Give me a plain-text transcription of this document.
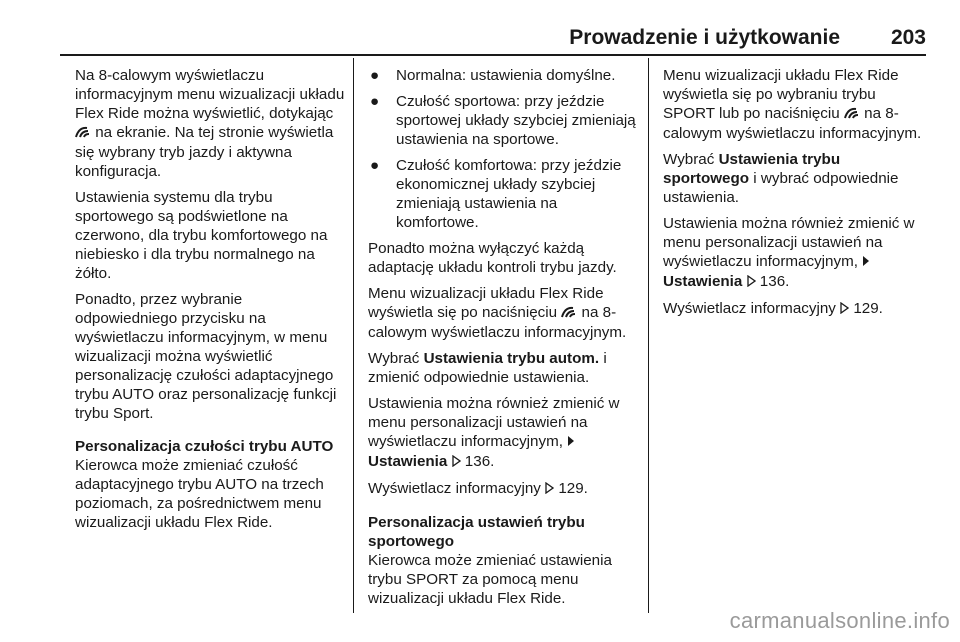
Prowadzenie i użytkowanie 203

Na 8-calowym wyświetlaczu informacyjnym menu wizualizacji układu Flex Ride można wyświetlić, dotykając  na ekranie. Na tej stronie wyświetla się wybrany tryb jazdy i aktywna konfiguracja.

Ustawienia systemu dla trybu sportowego są podświetlone na czerwono, dla trybu komfortowego na niebiesko i dla trybu normalnego na żółto.

Ponadto, przez wybranie odpowiedniego przycisku na wyświetlaczu informacyjnym, w menu wizualizacji można wyświetlić personalizację czułości adaptacyjnego trybu AUTO oraz personalizację funkcji trybu Sport.

Personalizacja czułości trybu AUTO

Kierowca może zmieniać czułość adaptacyjnego trybu AUTO na trzech poziomach, za pośrednictwem menu wizualizacji układu Flex Ride.

● Normalna: ustawienia domyślne.
● Czułość sportowa: przy jeździe sportowej układy szybciej zmieniają ustawienia na sportowe.
● Czułość komfortowa: przy jeździe ekonomicznej układy szybciej zmieniają ustawienia na komfortowe.

Ponadto można wyłączyć każdą adaptację układu kontroli trybu jazdy.

Menu wizualizacji układu Flex Ride wyświetla się po naciśnięciu  na 8-calowym wyświetlaczu informacyjnym.

Wybrać Ustawienia trybu autom. i zmienić odpowiednie ustawienia.

Ustawienia można również zmienić w menu personalizacji ustawień na wyświetlaczu informacyjnym,
Ustawienia  136.

Wyświetlacz informacyjny  129.

Personalizacja ustawień trybu sportowego

Kierowca może zmieniać ustawienia trybu SPORT za pomocą menu wizualizacji układu Flex Ride.

Menu wizualizacji układu Flex Ride wyświetla się po wybraniu trybu SPORT lub po naciśnięciu  na 8-calowym wyświetlaczu informacyjnym.

Wybrać Ustawienia trybu sportowego i wybrać odpowiednie ustawienia.

Ustawienia można również zmienić w menu personalizacji ustawień na wyświetlaczu informacyjnym,
Ustawienia  136.

Wyświetlacz informacyjny  129.

carmanualsonline.info
